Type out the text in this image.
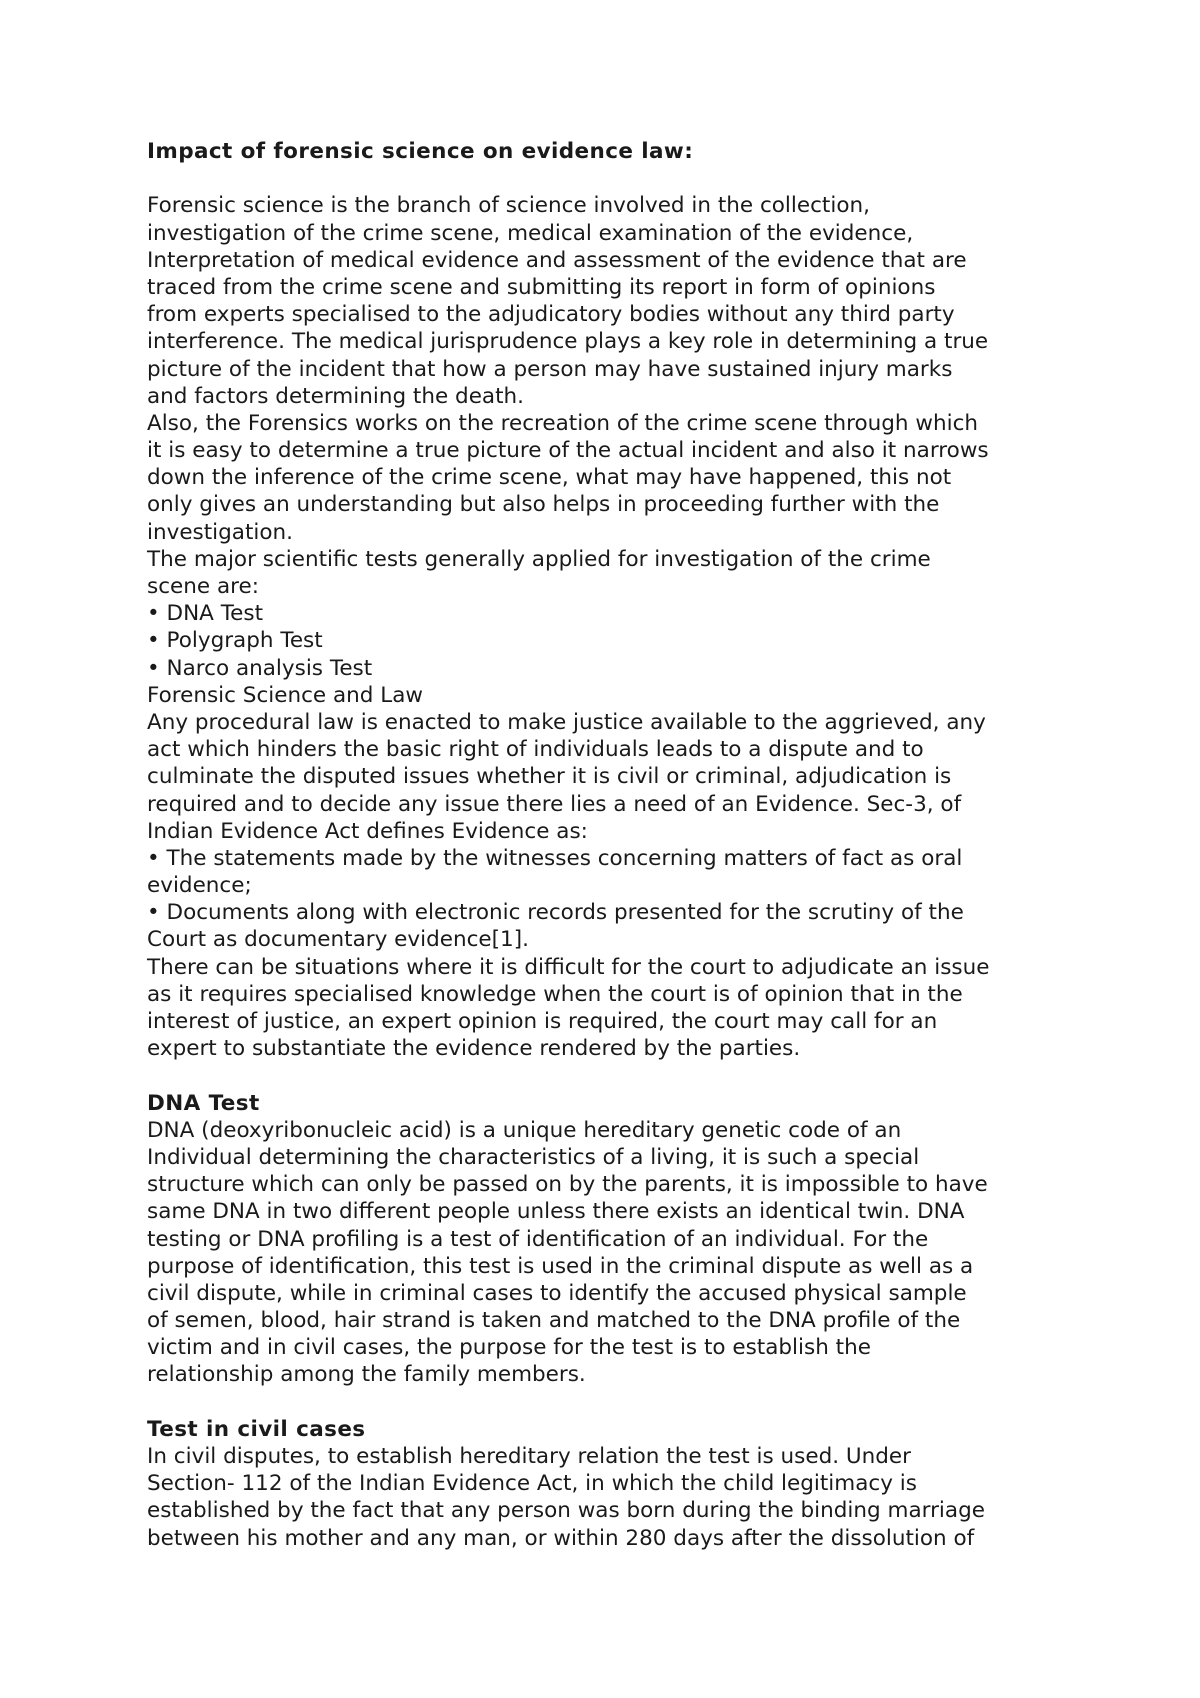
Impact of forensic science on evidence law:
Forensic science is the branch of science involved in the collection,
investigation of the crime scene, medical examination of the evidence,
Interpretation of medical evidence and assessment of the evidence that are
traced from the crime scene and submitting its report in form of opinions
from experts specialised to the adjudicatory bodies without any third party
interference. The medical jurisprudence plays a key role in determining a true
picture of the incident that how a person may have sustained injury marks
and factors determining the death.
Also, the Forensics works on the recreation of the crime scene through which
it is easy to determine a true picture of the actual incident and also it narrows
down the inference of the crime scene, what may have happened, this not
only gives an understanding but also helps in proceeding further with the
investigation.
The major scientific tests generally applied for investigation of the crime
scene are:
• DNA Test
• Polygraph Test
• Narco analysis Test
Forensic Science and Law
Any procedural law is enacted to make justice available to the aggrieved, any
act which hinders the basic right of individuals leads to a dispute and to
culminate the disputed issues whether it is civil or criminal, adjudication is
required and to decide any issue there lies a need of an Evidence. Sec-3, of
Indian Evidence Act defines Evidence as:
• The statements made by the witnesses concerning matters of fact as oral
evidence;
• Documents along with electronic records presented for the scrutiny of the
Court as documentary evidence[1].
There can be situations where it is difficult for the court to adjudicate an issue
as it requires specialised knowledge when the court is of opinion that in the
interest of justice, an expert opinion is required, the court may call for an
expert to substantiate the evidence rendered by the parties.
DNA Test
DNA (deoxyribonucleic acid) is a unique hereditary genetic code of an
Individual determining the characteristics of a living, it is such a special
structure which can only be passed on by the parents, it is impossible to have
same DNA in two different people unless there exists an identical twin. DNA
testing or DNA profiling is a test of identification of an individual. For the
purpose of identification, this test is used in the criminal dispute as well as a
civil dispute, while in criminal cases to identify the accused physical sample
of semen, blood, hair strand is taken and matched to the DNA profile of the
victim and in civil cases, the purpose for the test is to establish the
relationship among the family members.
Test in civil cases
In civil disputes, to establish hereditary relation the test is used. Under
Section- 112 of the Indian Evidence Act, in which the child legitimacy is
established by the fact that any person was born during the binding marriage
between his mother and any man, or within 280 days after the dissolution of
